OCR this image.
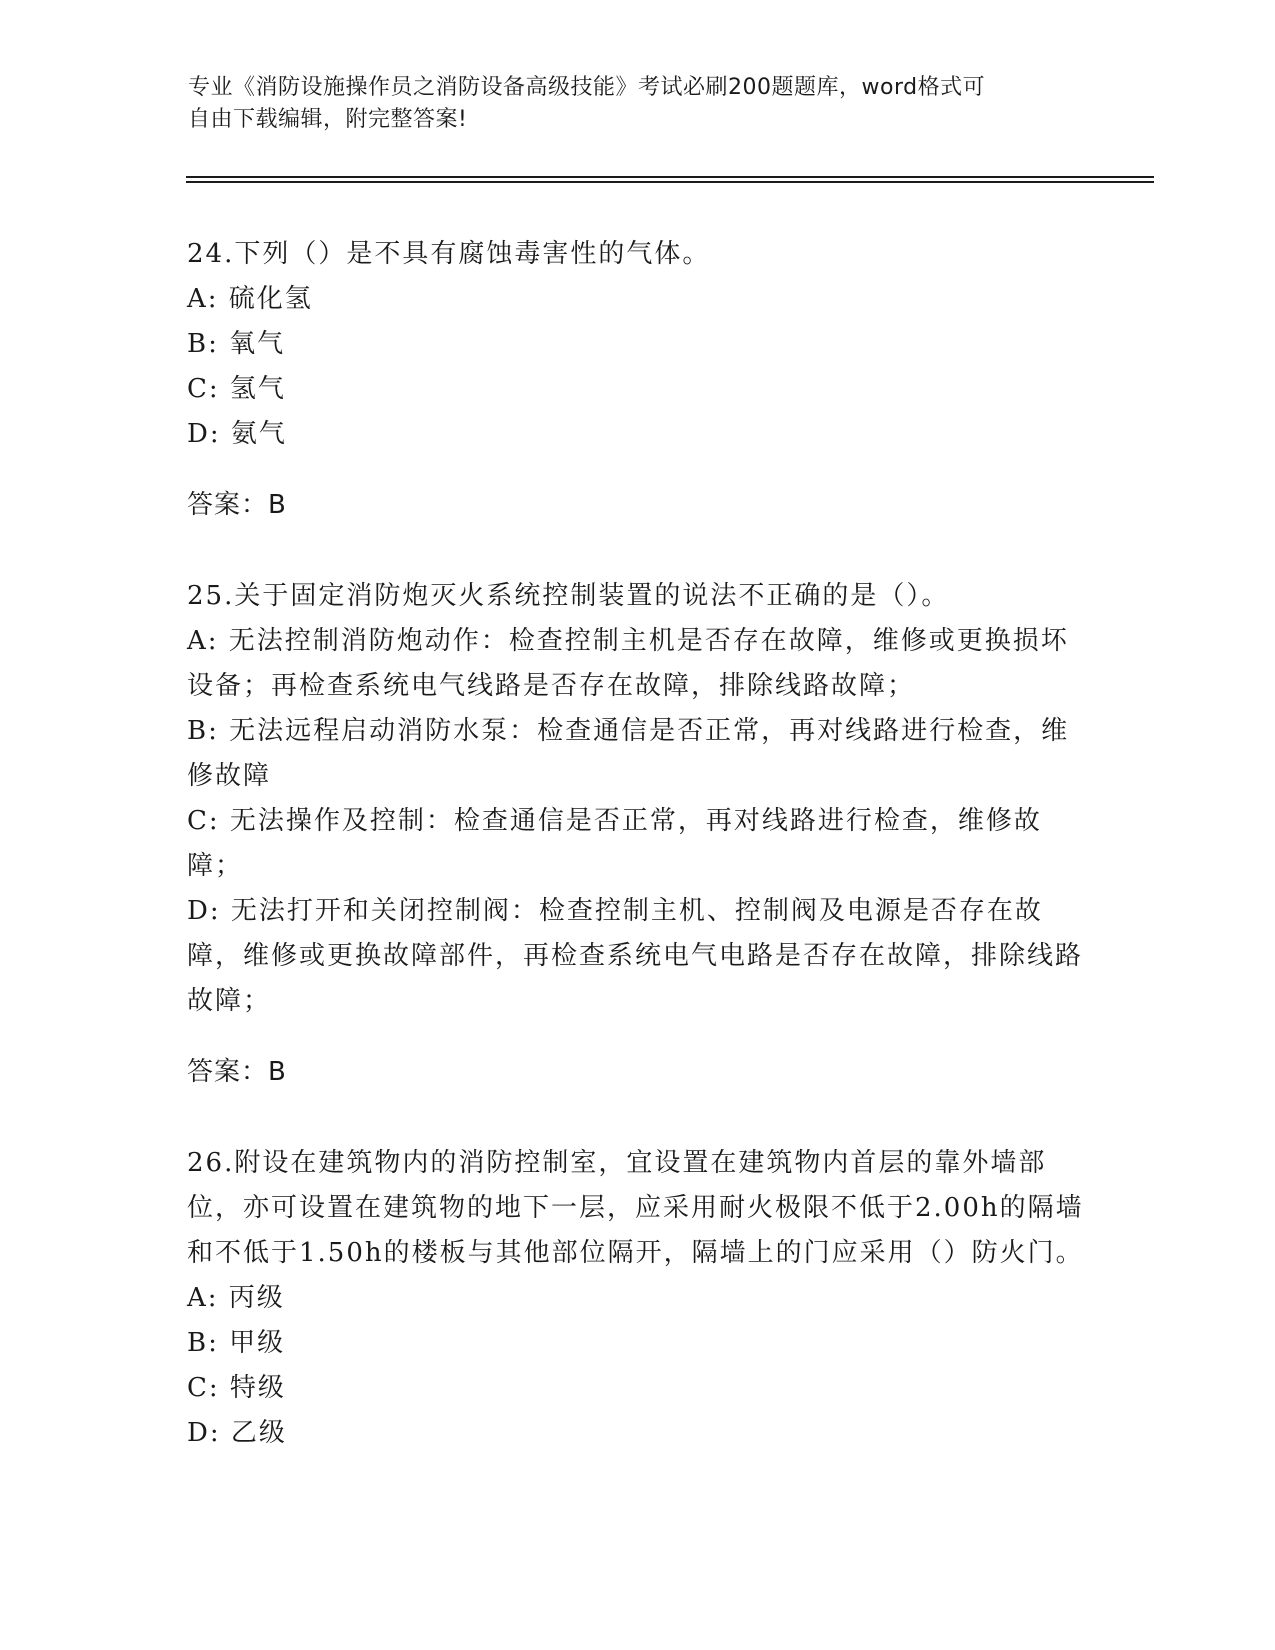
专业《消防设施操作员之消防设备高级技能》考试必刷200题题库，word格式可
自由下载编辑，附完整答案!

24.下列（）是不具有腐蚀毒害性的气体。

A: 硫化氢

B: 氧气

C: 氢气

D: 氨气

答案：B

25.关于固定消防炮灭火系统控制装置的说法不正确的是（）。

A: 无法控制消防炮动作：检查控制主机是否存在故障，维修或更换损坏设备；再检查系统电气线路是否存在故障，排除线路故障；

B: 无法远程启动消防水泵：检查通信是否正常，再对线路进行检查，维修故障

C: 无法操作及控制：检查通信是否正常，再对线路进行检查，维修故障；

D: 无法打开和关闭控制阀：检查控制主机、控制阀及电源是否存在故障，维修或更换故障部件，再检查系统电气电路是否存在故障，排除线路故障；

答案：B

26.附设在建筑物内的消防控制室，宜设置在建筑物内首层的靠外墙部位，亦可设置在建筑物的地下一层，应采用耐火极限不低于2.00h的隔墙和不低于1.50h的楼板与其他部位隔开，隔墙上的门应采用（）防火门。

A: 丙级

B: 甲级

C: 特级

D: 乙级
